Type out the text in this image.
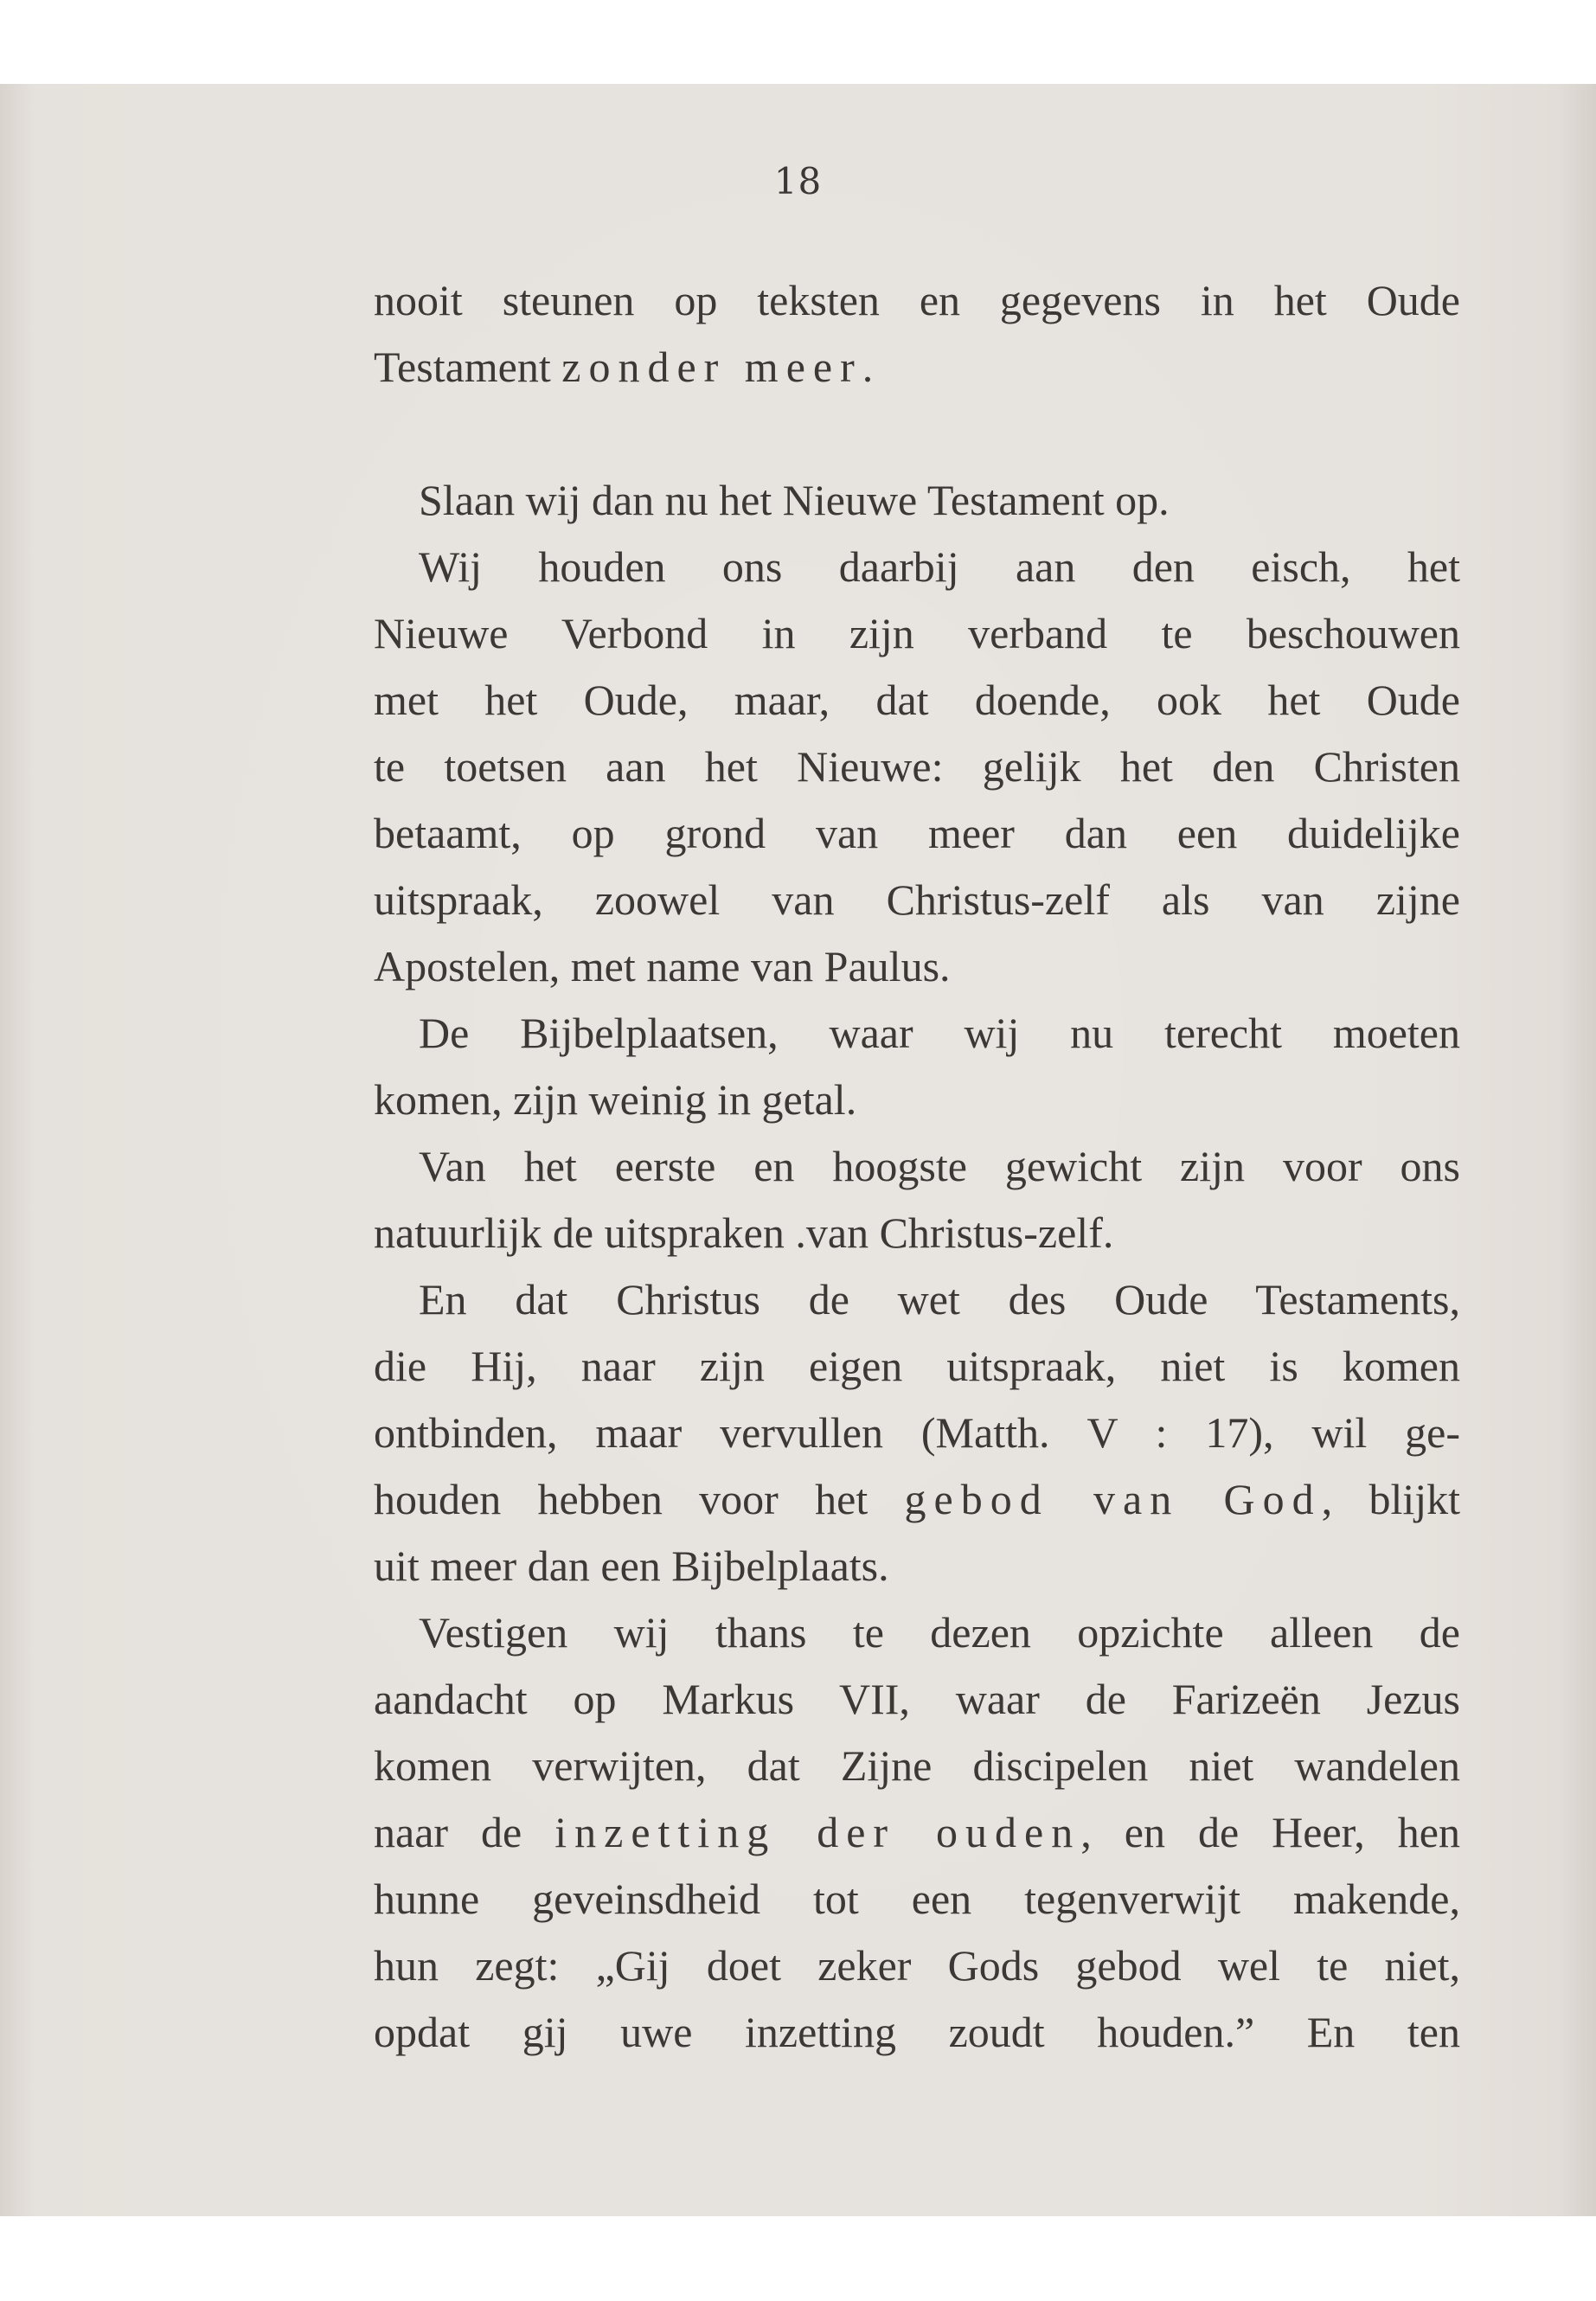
18
nooit steunen op teksten en gegevens in het Oude
Testament zonder meer.
Slaan wij dan nu het Nieuwe Testament op.
Wij houden ons daarbij aan den eisch, het
Nieuwe Verbond in zijn verband te beschouwen
met het Oude, maar, dat doende, ook het Oude
te toetsen aan het Nieuwe: gelijk het den Christen
betaamt, op grond van meer dan een duidelijke
uitspraak, zoowel van Christus-zelf als van zijne
Apostelen, met name van Paulus.
De Bijbelplaatsen, waar wij nu terecht moeten
komen, zijn weinig in getal.
Van het eerste en hoogste gewicht zijn voor ons
natuurlijk de uitspraken .van Christus-zelf.
En dat Christus de wet des Oude Testaments,
die Hij, naar zijn eigen uitspraak, niet is komen
ontbinden, maar vervullen (Matth. V : 17), wil ge-
houden hebben voor het gebod van God, blijkt
uit meer dan een Bijbelplaats.
Vestigen wij thans te dezen opzichte alleen de
aandacht op Markus VII, waar de Farizeën Jezus
komen verwijten, dat Zijne discipelen niet wandelen
naar de inzetting der ouden, en de Heer, hen
hunne geveinsdheid tot een tegenverwijt makende,
hun zegt: „Gij doet zeker Gods gebod wel te niet,
opdat gij uwe inzetting zoudt houden.” En ten
